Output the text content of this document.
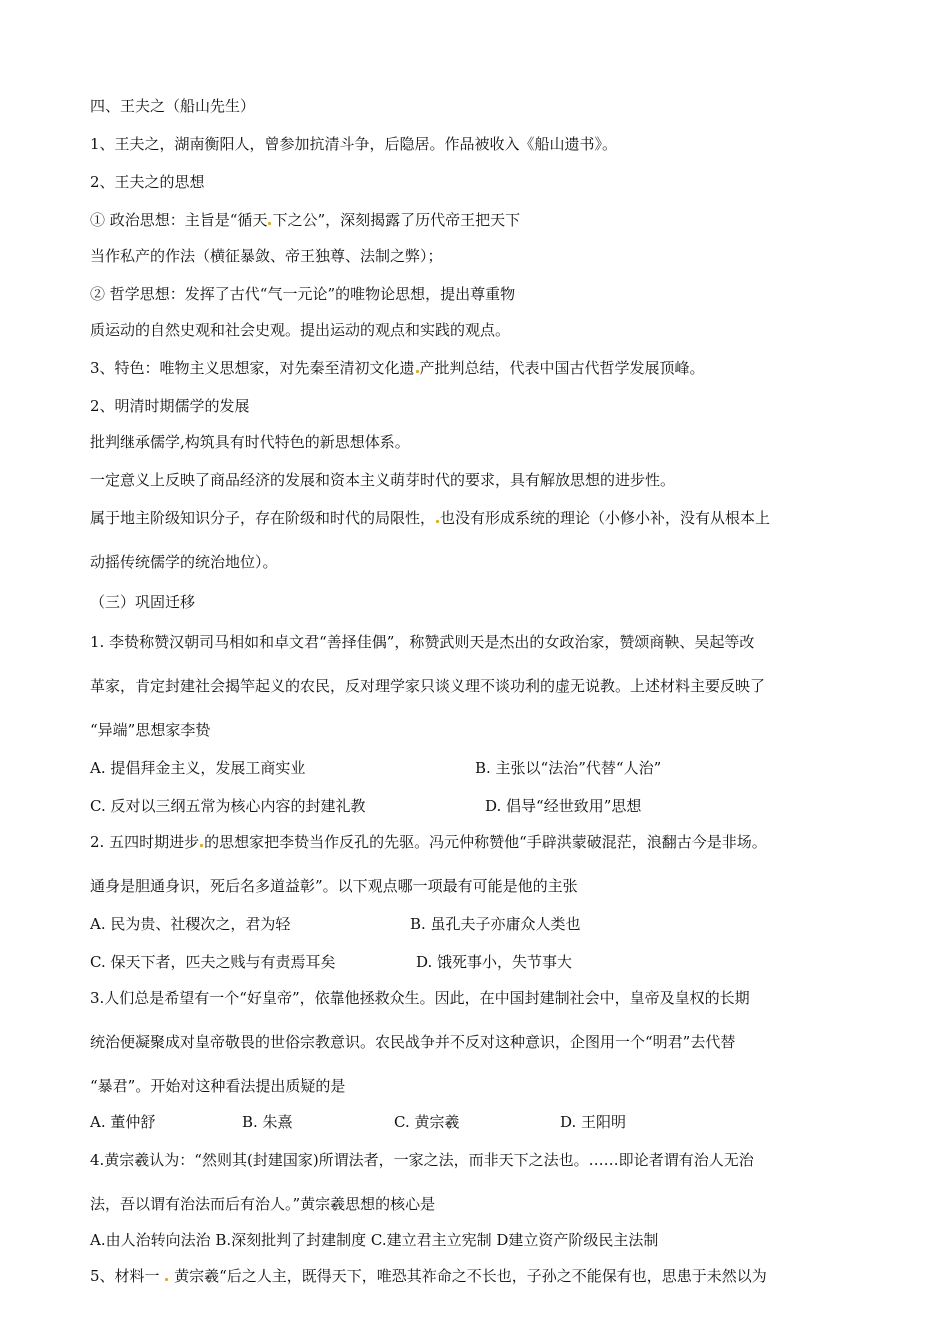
四、王夫之（船山先生）

1、王夫之，湖南衡阳人，曾参加抗清斗争，后隐居。作品被收入《船山遗书》。

2、王夫之的思想

① 政治思想：主旨是“循天 下之公”，深刻揭露了历代帝王把天下

当作私产的作法（横征暴敛、帝王独尊、法制之弊）；

② 哲学思想：发挥了古代“气一元论”的唯物论思想，提出尊重物

质运动的自然史观和社会史观。提出运动的观点和实践的观点。

3、特色：唯物主义思想家，对先秦至清初文化遗 产批判总结，代表中国古代哲学发展顶峰。

2、明清时期儒学的发展

批判继承儒学,构筑具有时代特色的新思想体系。

一定意义上反映了商品经济的发展和资本主义萌芽时代的要求，具有解放思想的进步性。

属于地主阶级知识分子，存在阶级和时代的局限性， 也没有形成系统的理论（小修小补，没有从根本上

动摇传统儒学的统治地位）。

（三）巩固迁移

1. 李贽称赞汉朝司马相如和卓文君“善择佳偶”，称赞武则天是杰出的女政治家，赞颂商鞅、吴起等改

革家，肯定封建社会揭竿起义的农民，反对理学家只谈义理不谈功利的虚无说教。上述材料主要反映了

“异端”思想家李贽

A. 提倡拜金主义，发展工商实业	B. 主张以“法治”代替“人治”
C. 反对以三纲五常为核心内容的封建礼教	D. 倡导“经世致用”思想

2. 五四时期进步 的思想家把李贽当作反孔的先驱。冯元仲称赞他“手辟洪蒙破混茫，浪翻古今是非场。

通身是胆通身识，死后名多道益彰”。以下观点哪一项最有可能是他的主张

A. 民为贵、社稷次之，君为轻	B. 虽孔夫子亦庸众人类也
C. 保天下者，匹夫之贱与有责焉耳矣	D. 饿死事小，失节事大

3.人们总是希望有一个“好皇帝”，依靠他拯救众生。因此，在中国封建制社会中，皇帝及皇权的长期

统治便凝聚成对皇帝敬畏的世俗宗教意识。农民战争并不反对这种意识，企图用一个“明君”去代替

“暴君”。开始对这种看法提出质疑的是

A. 董仲舒	B. 朱熹	C. 黄宗羲	D. 王阳明

4.黄宗羲认为：“然则其(封建国家)所谓法者，一家之法，而非天下之法也。……即论者谓有治人无治

法，吾以谓有治法而后有治人。”黄宗羲思想的核心是

A.由人治转向法治 B.深刻批判了封建制度 C.建立君主立宪制 D建立资产阶级民主法制

5、材料一 黄宗羲“后之人主，既得天下，唯恐其祚命之不长也，子孙之不能保有也，思患于未然以为
